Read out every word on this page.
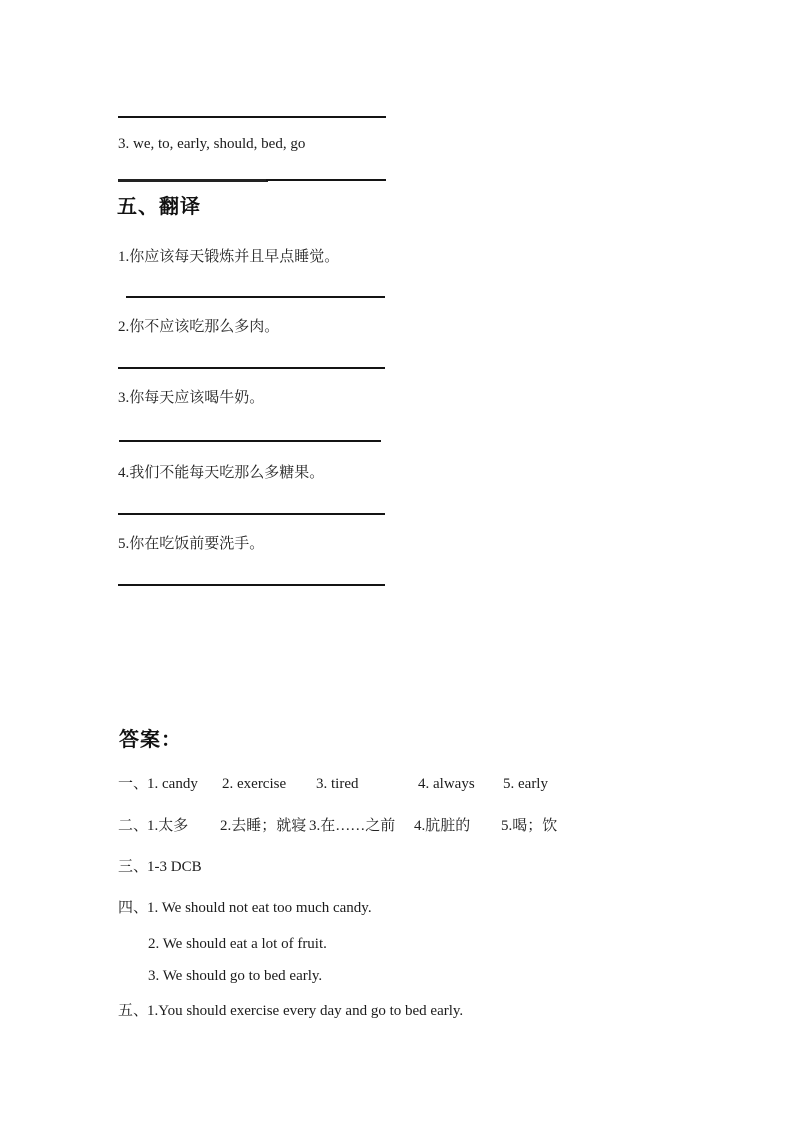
3. we, to, early, should, bed, go
五、翻译
1.你应该每天锻炼并且早点睡觉。
2.你不应该吃那么多肉。
3.你每天应该喝牛奶。
4.我们不能每天吃那么多糖果。
5.你在吃饭前要洗手。
答案：
一、
1. candy 2. exercise 3. tired	4. always 5. early
二、
1.太多 2.去睡；就寝 3.在……之前 4.肮脏的 5.喝；饮
三、
1-3 DCB
四、
1. We should not eat too much candy.
2. We should eat a lot of fruit.
3. We should go to bed early.
五、
1.You should exercise every day and go to bed early.
